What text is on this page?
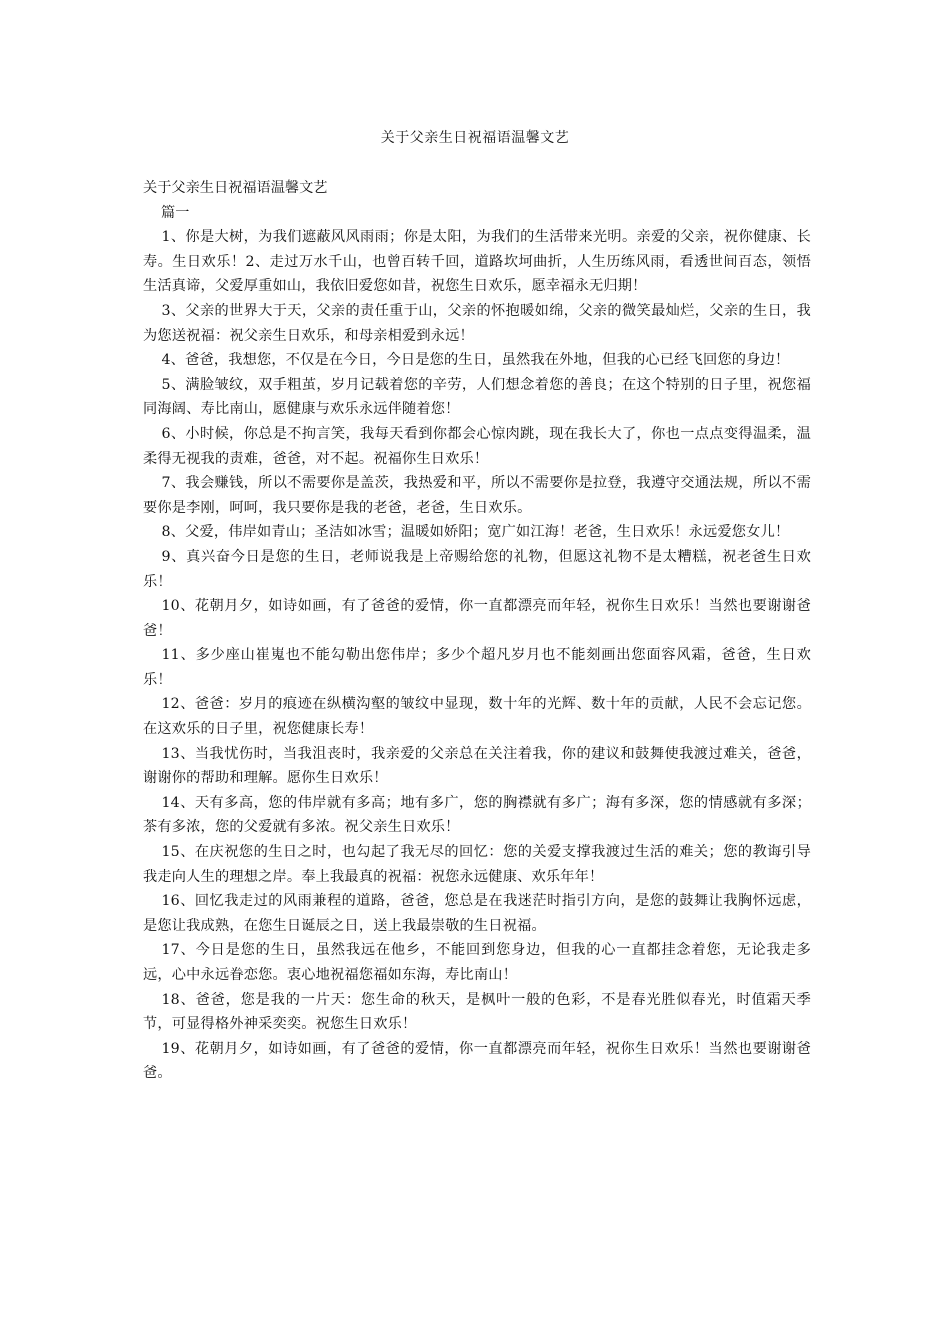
关于父亲生日祝福语温馨文艺

关于父亲生日祝福语温馨文艺

篇一

1、你是大树，为我们遮蔽风风雨雨；你是太阳，为我们的生活带来光明。亲爱的父亲，祝你健康、长寿。生日欢乐！2、走过万水千山，也曾百转千回，道路坎坷曲折，人生历练风雨，看透世间百态，领悟生活真谛，父爱厚重如山，我依旧爱您如昔，祝您生日欢乐，愿幸福永无归期！

3、父亲的世界大于天，父亲的责任重于山，父亲的怀抱暖如绵，父亲的微笑最灿烂，父亲的生日，我为您送祝福：祝父亲生日欢乐，和母亲相爱到永远！

4、爸爸，我想您，不仅是在今日，今日是您的生日，虽然我在外地，但我的心已经飞回您的身边！

5、满脸皱纹，双手粗茧，岁月记载着您的辛劳，人们想念着您的善良；在这个特别的日子里，祝您福同海阔、寿比南山，愿健康与欢乐永远伴随着您！

6、小时候，你总是不拘言笑，我每天看到你都会心惊肉跳，现在我长大了，你也一点点变得温柔，温柔得无视我的责难，爸爸，对不起。祝福你生日欢乐！

7、我会赚钱，所以不需要你是盖茨，我热爱和平，所以不需要你是拉登，我遵守交通法规，所以不需要你是李刚，呵呵，我只要你是我的老爸，老爸，生日欢乐。

8、父爱，伟岸如青山；圣洁如冰雪；温暖如娇阳；宽广如江海！老爸，生日欢乐！永远爱您女儿！

9、真兴奋今日是您的生日，老师说我是上帝赐给您的礼物，但愿这礼物不是太糟糕，祝老爸生日欢乐！

10、花朝月夕，如诗如画，有了爸爸的爱情，你一直都漂亮而年轻，祝你生日欢乐！当然也要谢谢爸爸！

11、多少座山崔嵬也不能勾勒出您伟岸；多少个超凡岁月也不能刻画出您面容风霜，爸爸，生日欢乐！

12、爸爸：岁月的痕迹在纵横沟壑的皱纹中显现，数十年的光辉、数十年的贡献，人民不会忘记您。在这欢乐的日子里，祝您健康长寿！

13、当我忧伤时，当我沮丧时，我亲爱的父亲总在关注着我，你的建议和鼓舞使我渡过难关，爸爸，谢谢你的帮助和理解。愿你生日欢乐！

14、天有多高，您的伟岸就有多高；地有多广，您的胸襟就有多广；海有多深，您的情感就有多深；茶有多浓，您的父爱就有多浓。祝父亲生日欢乐！

15、在庆祝您的生日之时，也勾起了我无尽的回忆：您的关爱支撑我渡过生活的难关；您的教诲引导我走向人生的理想之岸。奉上我最真的祝福：祝您永远健康、欢乐年年！

16、回忆我走过的风雨兼程的道路，爸爸，您总是在我迷茫时指引方向，是您的鼓舞让我胸怀远虑，是您让我成熟，在您生日诞辰之日，送上我最崇敬的生日祝福。

17、今日是您的生日，虽然我远在他乡，不能回到您身边，但我的心一直都挂念着您，无论我走多远，心中永远眷恋您。衷心地祝福您福如东海，寿比南山！

18、爸爸，您是我的一片天：您生命的秋天，是枫叶一般的色彩，不是春光胜似春光，时值霜天季节，可显得格外神采奕奕。祝您生日欢乐！

19、花朝月夕，如诗如画，有了爸爸的爱情，你一直都漂亮而年轻，祝你生日欢乐！当然也要谢谢爸爸。
